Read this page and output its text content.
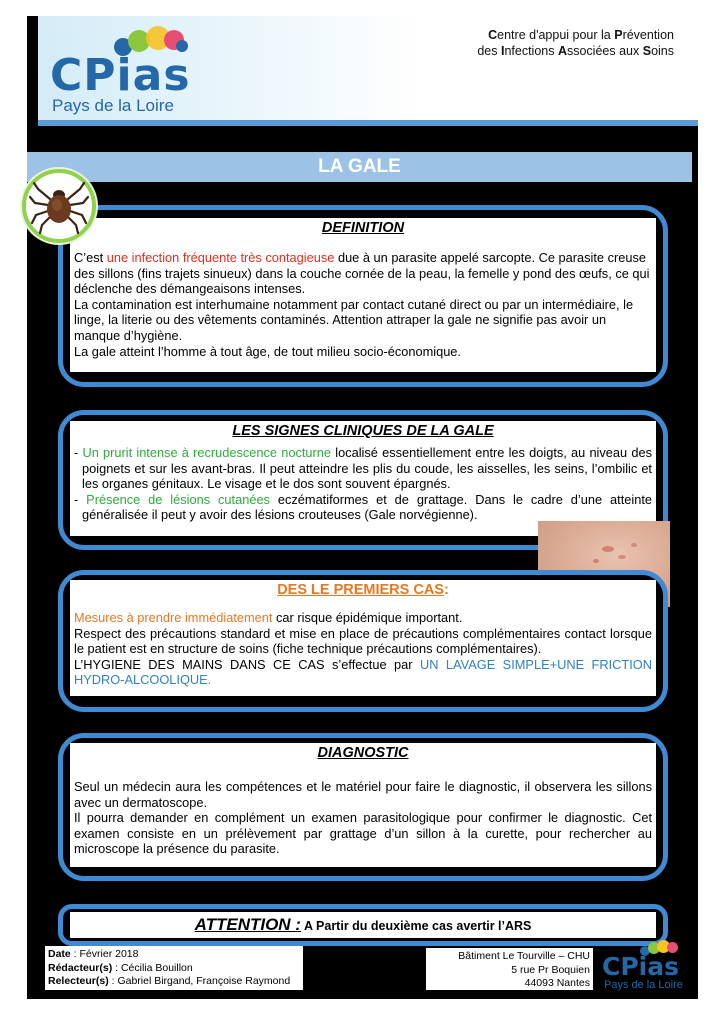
CPias
Pays de la Loire
Centre d'appui pour la Prévention
des Infections Associées aux Soins
LA GALE
DEFINITION

C’est une infection fréquente très contagieuse due à un parasite appelé sarcopte. Ce parasite creuse des sillons (fins trajets sinueux) dans la couche cornée de la peau, la femelle y pond des œufs, ce qui déclenche des démangeaisons intenses.

La contamination est interhumaine notamment par contact cutané direct ou par un intermédiaire, le linge, la literie ou des vêtements contaminés. Attention attraper la gale ne signifie pas avoir un manque d’hygiène.

La gale atteint l’homme à tout âge, de tout milieu socio-économique.

LES SIGNES CLINIQUES DE LA GALE

- Un prurit intense à recrudescence nocturne localisé essentiellement entre les doigts, au niveau des poignets et sur les avant-bras. Il peut atteindre les plis du coude, les aisselles, les seins, l’ombilic et les organes génitaux. Le visage et le dos sont souvent épargnés.

- Présence de lésions cutanées eczématiformes et de grattage. Dans le cadre d’une atteinte généralisée il peut y avoir des lésions crouteuses (Gale norvégienne).

DES LE PREMIERS CAS:

Mesures à prendre immédiatement car risque épidémique important.

Respect des précautions standard et mise en place de précautions complémentaires contact lorsque le patient est en structure de soins (fiche technique précautions complémentaires).

L’HYGIENE DES MAINS DANS CE CAS s’effectue par UN LAVAGE SIMPLE+UNE FRICTION HYDRO-ALCOOLIQUE.

DIAGNOSTIC

Seul un médecin aura les compétences et le matériel pour faire le diagnostic, il observera les sillons avec un dermatoscope.

Il pourra demander en complément un examen parasitologique pour confirmer le diagnostic. Cet examen consiste en un prélèvement par grattage d’un sillon à la curette, pour rechercher au microscope la présence du parasite.

ATTENTION : A Partir du deuxième cas avertir l’ARS
Date : Février 2018
Rédacteur(s) : Cécilia Bouillon
Relecteur(s) : Gabriel Birgand, Françoise Raymond
Bâtiment Le Tourville – CHU
5 rue Pr Boquien
44093 Nantes
CPias
Pays de la Loire
